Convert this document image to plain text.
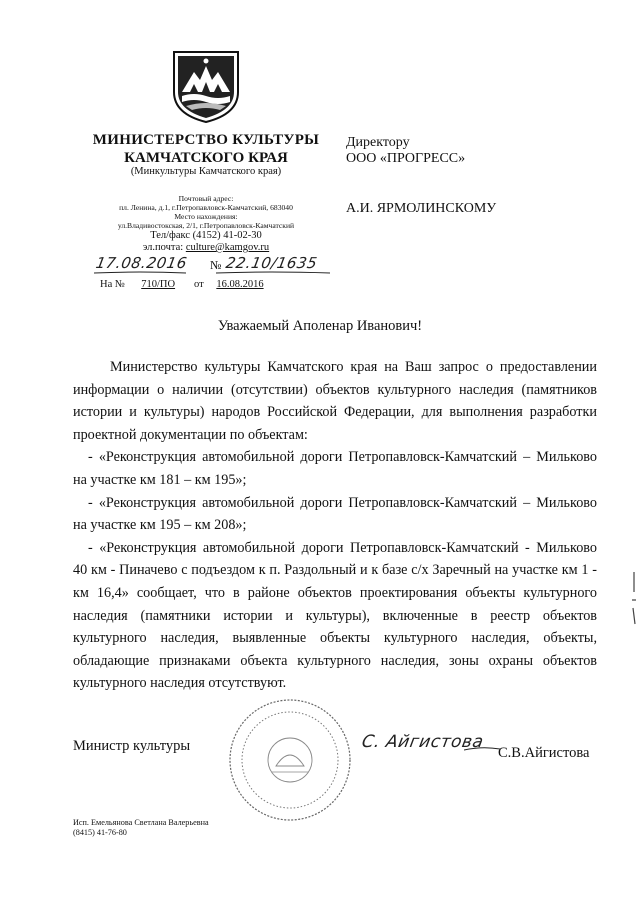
МИНИСТЕРСТВО КУЛЬТУРЫ
КАМЧАТСКОГО КРАЯ
(Минкультуры Камчатского края)
Почтовый адрес:
пл. Ленина, д.1, г.Петропавловск-Камчатский, 683040
Место нахождения:
ул.Владивостокская, 2/1, г.Петропавловск-Камчатский
Тел/факс (4152) 41-02-30
эл.почта: culture@kamgov.ru
17.08.2016 № 22.10/1635
На № 710/ПО от 16.08.2016
Директору
ООО «ПРОГРЕСС»
А.И. ЯРМОЛИНСКОМУ
Уважаемый Аполенар Иванович!

Министерство культуры Камчатского края на Ваш запрос о предоставлении информации о наличии (отсутствии) объектов культурного наследия (памятников истории и культуры) народов Российской Федерации, для выполнения разработки проектной документации по объектам:

- «Реконструкция автомобильной дороги Петропавловск-Камчатский – Мильково на участке км 181 – км 195»;

- «Реконструкция автомобильной дороги Петропавловск-Камчатский – Мильково на участке км 195 – км 208»;

- «Реконструкция автомобильной дороги Петропавловск-Камчатский - Мильково 40 км - Пиначево с подъездом к п. Раздольный и к базе с/х Заречный на участке км 1 - км 16,4» сообщает, что в районе объектов проектирования объекты культурного наследия (памятники истории и культуры), включенные в реестр объектов культурного наследия, выявленные объекты культурного наследия, объекты, обладающие признаками объекта культурного наследия, зоны охраны объектов культурного наследия отсутствуют.

Министр культуры	С. Айгистова
С.В.Айгистова
Исп. Емельянова Светлана Валерьевна
(8415) 41-76-80
